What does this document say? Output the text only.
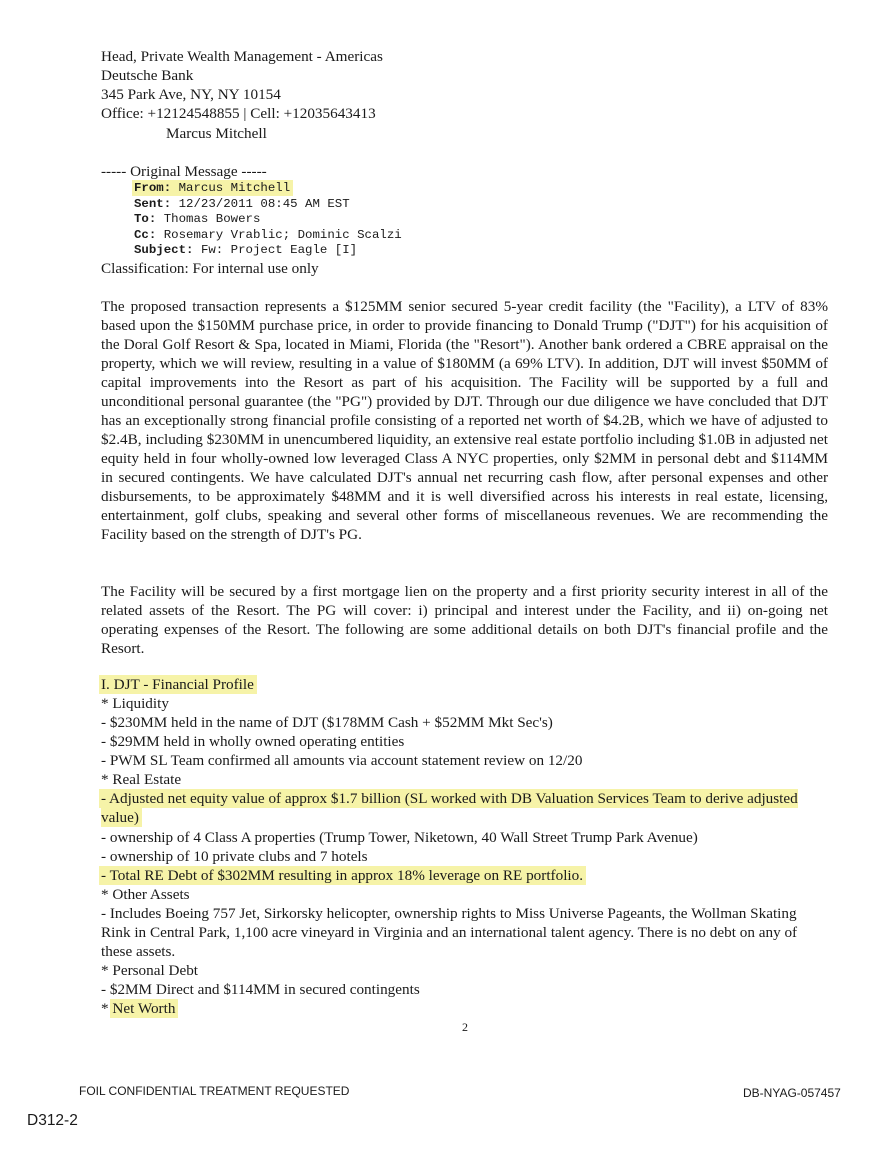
Head, Private Wealth Management - Americas
Deutsche Bank
345 Park Ave, NY, NY 10154
Office: +12124548855 | Cell: +12035643413
Marcus Mitchell
----- Original Message -----
From: Marcus Mitchell
Sent: 12/23/2011 08:45 AM EST
To: Thomas Bowers
Cc: Rosemary Vrablic; Dominic Scalzi
Subject: Fw: Project Eagle [I]
Classification: For internal use only
The proposed transaction represents a $125MM senior secured 5-year credit facility (the "Facility), a LTV of 83% based upon the $150MM purchase price, in order to provide financing to Donald Trump ("DJT") for his acquisition of the Doral Golf Resort & Spa, located in Miami, Florida (the "Resort"). Another bank ordered a CBRE appraisal on the property, which we will review, resulting in a value of $180MM (a 69% LTV). In addition, DJT will invest $50MM of capital improvements into the Resort as part of his acquisition. The Facility will be supported by a full and unconditional personal guarantee (the "PG") provided by DJT. Through our due diligence we have concluded that DJT has an exceptionally strong financial profile consisting of a reported net worth of $4.2B, which we have of adjusted to $2.4B, including $230MM in unencumbered liquidity, an extensive real estate portfolio including $1.0B in adjusted net equity held in four wholly-owned low leveraged Class A NYC properties, only $2MM in personal debt and $114MM in secured contingents. We have calculated DJT's annual net recurring cash flow, after personal expenses and other disbursements, to be approximately $48MM and it is well diversified across his interests in real estate, licensing, entertainment, golf clubs, speaking and several other forms of miscellaneous revenues. We are recommending the Facility based on the strength of DJT's PG.
The Facility will be secured by a first mortgage lien on the property and a first priority security interest in all of the related assets of the Resort. The PG will cover: i) principal and interest under the Facility, and ii) on-going net operating expenses of the Resort. The following are some additional details on both DJT's financial profile and the Resort.
I. DJT - Financial Profile
* Liquidity
- $230MM held in the name of DJT ($178MM Cash + $52MM Mkt Sec's)
- $29MM held in wholly owned operating entities
- PWM SL Team confirmed all amounts via account statement review on 12/20
* Real Estate
- Adjusted net equity value of approx $1.7 billion (SL worked with DB Valuation Services Team to derive adjusted value)
- ownership of 4 Class A properties (Trump Tower, Niketown, 40 Wall Street Trump Park Avenue)
- ownership of 10 private clubs and 7 hotels
- Total RE Debt of $302MM resulting in approx 18% leverage on RE portfolio.
* Other Assets
- Includes Boeing 757 Jet, Sirkorsky helicopter, ownership rights to Miss Universe Pageants, the Wollman Skating Rink in Central Park, 1,100 acre vineyard in Virginia and an international talent agency. There is no debt on any of these assets.
* Personal Debt
- $2MM Direct and $114MM in secured contingents
* Net Worth
2
FOIL CONFIDENTIAL TREATMENT REQUESTED	DB-NYAG-057457
D312-2
